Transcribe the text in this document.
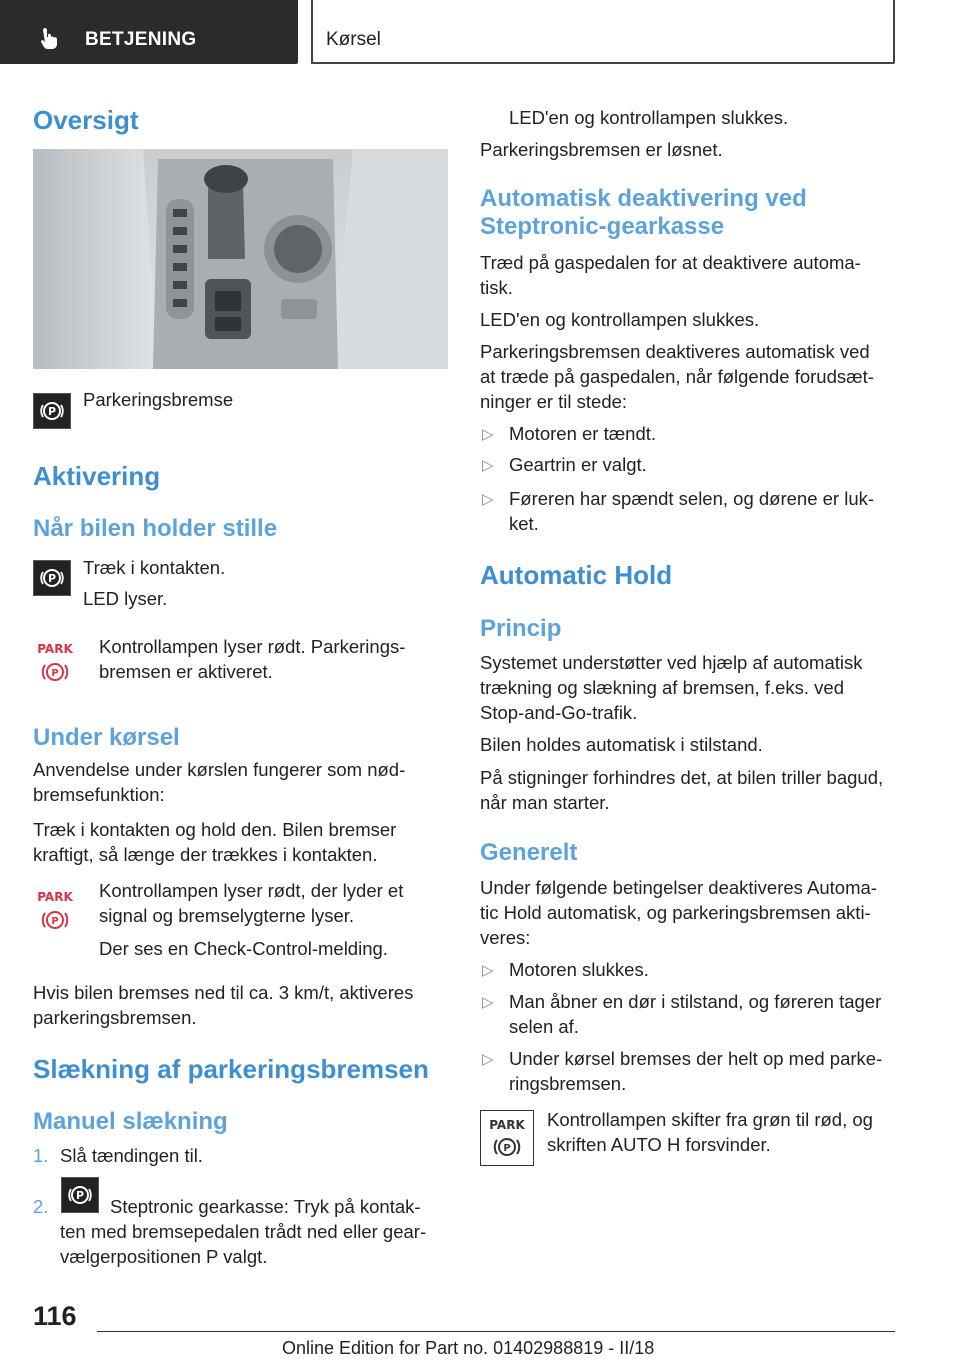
BETJENING	Kørsel
Oversigt
P
Parkeringsbremse
Aktivering
Når bilen holder stille
P
Træk i kontakten.
LED lyser.
PARK
P
Kontrollampen lyser rødt. Parkerings-
bremsen er aktiveret.
Under kørsel
Anvendelse under kørslen fungerer som nød-
bremsefunktion:
Træk i kontakten og hold den. Bilen bremser
kraftigt, så længe der trækkes i kontakten.
PARK
P
Kontrollampen lyser rødt, der lyder et
signal og bremselygterne lyser.
Der ses en Check-Control-melding.
Hvis bilen bremses ned til ca. 3 km/t, aktiveres
parkeringsbremsen.
Slækning af parkeringsbremsen
Manuel slækning
1. Slå tændingen til.
2.
P
Steptronic gearkasse: Tryk på kontak-
ten med bremsepedalen trådt ned eller gear-
vælgerpositionen P valgt.
LED'en og kontrollampen slukkes.
Parkeringsbremsen er løsnet.
Automatisk deaktivering ved
Steptronic-gearkasse
Træd på gaspedalen for at deaktivere automa-
tisk.
LED'en og kontrollampen slukkes.
Parkeringsbremsen deaktiveres automatisk ved
at træde på gaspedalen, når følgende forudsæt-
ninger er til stede:
▷ Motoren er tændt.
▷ Geartrin er valgt.
▷ Føreren har spændt selen, og dørene er luk-
ket.
Automatic Hold
Princip
Systemet understøtter ved hjælp af automatisk
trækning og slækning af bremsen, f.eks. ved
Stop-and-Go-trafik.
Bilen holdes automatisk i stilstand.
På stigninger forhindres det, at bilen triller bagud,
når man starter.
Generelt
Under følgende betingelser deaktiveres Automa-
tic Hold automatisk, og parkeringsbremsen akti-
veres:
▷ Motoren slukkes.
▷ Man åbner en dør i stilstand, og føreren tager
selen af.
▷ Under kørsel bremses der helt op med parke-
ringsbremsen.
PARK
P
Kontrollampen skifter fra grøn til rød, og
skriften AUTO H forsvinder.
116
Online Edition for Part no. 01402988819 - II/18
